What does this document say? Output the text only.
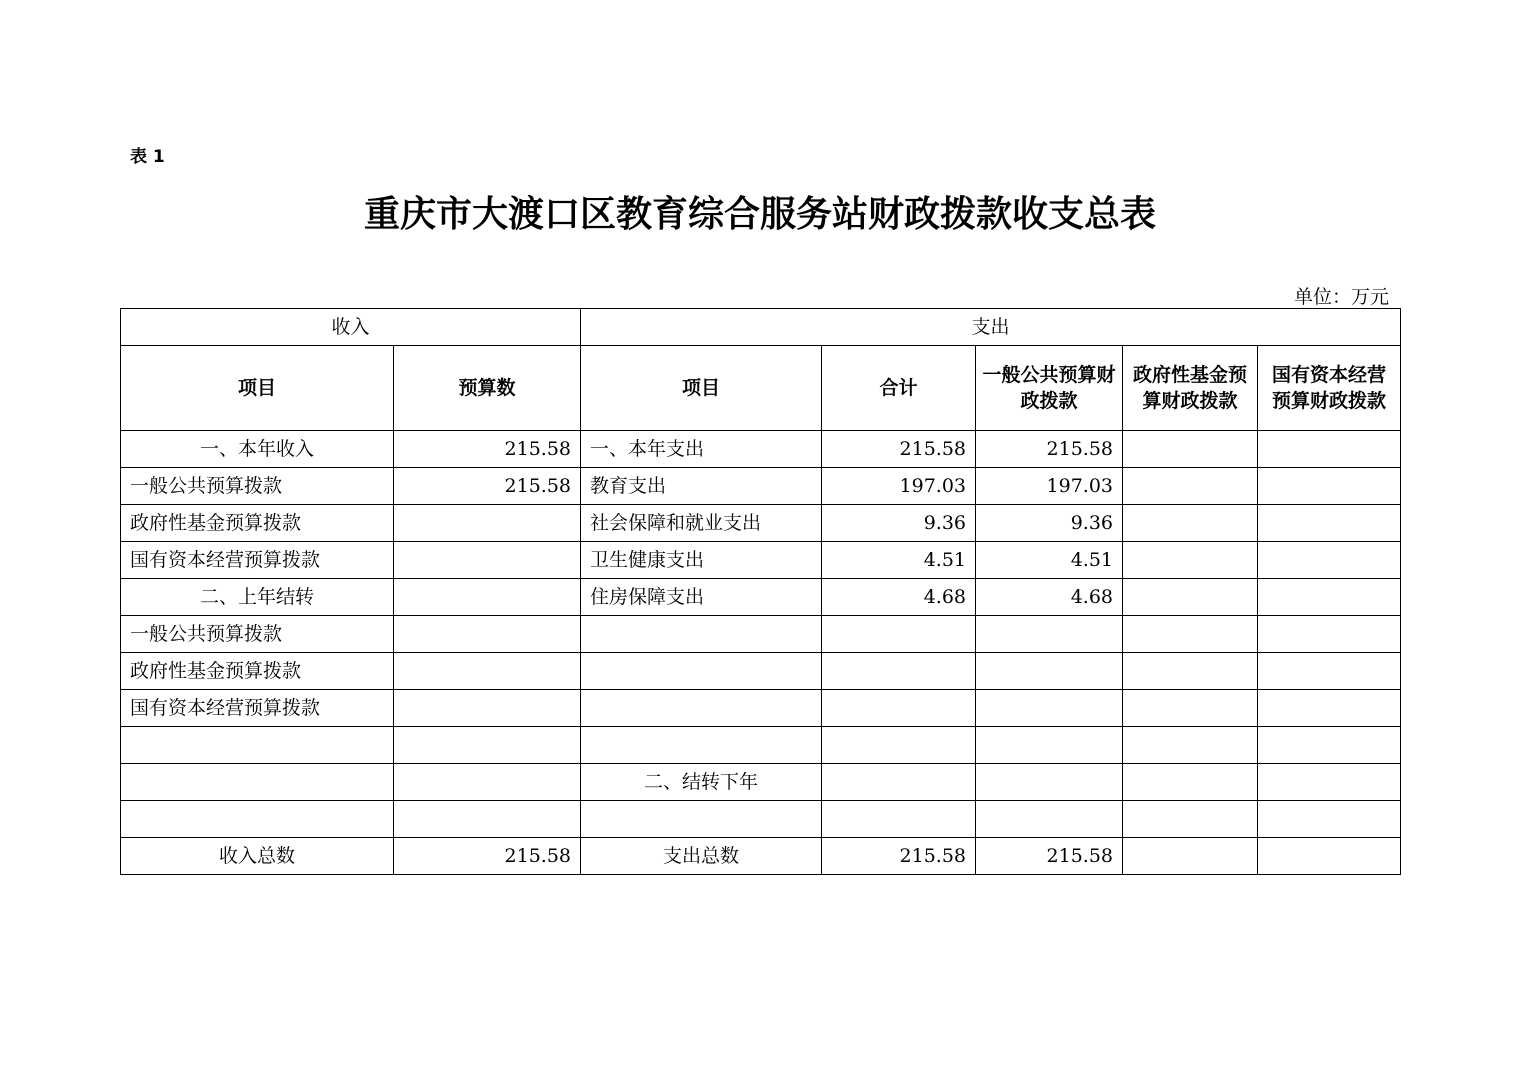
表 1
重庆市大渡口区教育综合服务站财政拨款收支总表
单位：万元
收入		支出				
项目	预算数	项目	合计	一般公共预算财政拨款	政府性基金预算财政拨款	国有资本经营预算财政拨款
一、本年收入	215.58	一、本年支出	215.58	215.58		
一般公共预算拨款	215.58	教育支出	197.03	197.03		
政府性基金预算拨款		社会保障和就业支出	9.36	9.36		
国有资本经营预算拨款		卫生健康支出	4.51	4.51		
二、上年结转		住房保障支出	4.68	4.68		
一般公共预算拨款						
政府性基金预算拨款						
国有资本经营预算拨款						

		二、结转下年				

收入总数	215.58	支出总数	215.58	215.58		
